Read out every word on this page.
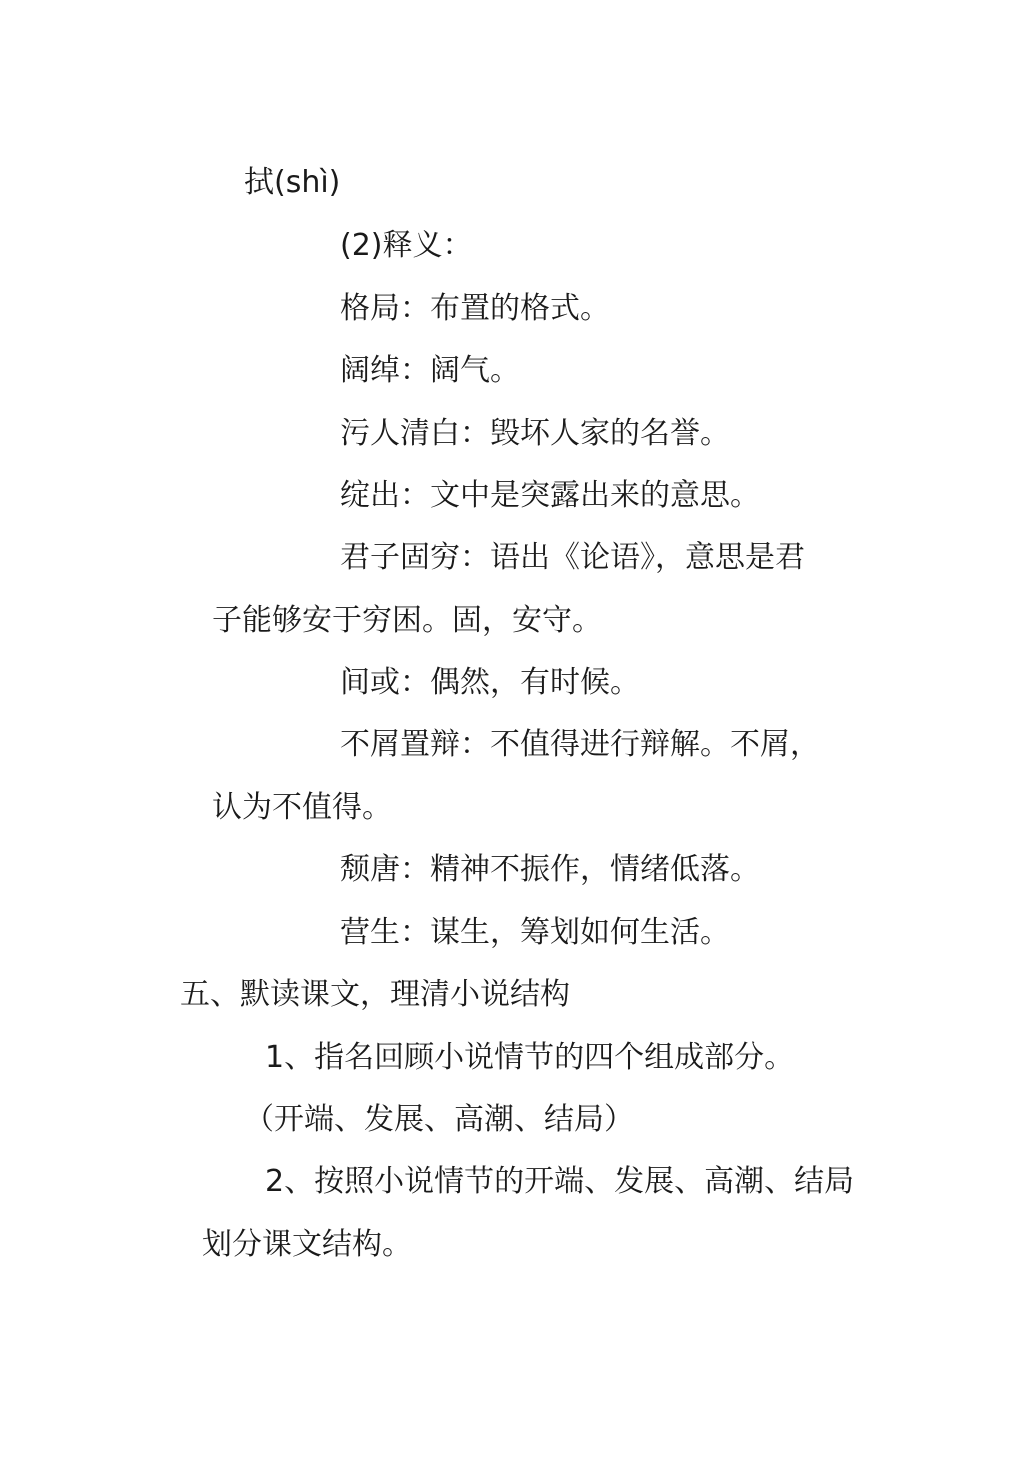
拭(shì)
(2)释义：
格局：布置的格式。
阔绰：阔气。
污人清白：毁坏人家的名誉。
绽出：文中是突露出来的意思。
君子固穷：语出《论语》，意思是君
子能够安于穷困。固，安守。
间或：偶然，有时候。
不屑置辩：不值得进行辩解。不屑，
认为不值得。
颓唐：精神不振作，情绪低落。
营生：谋生，筹划如何生活。
五、默读课文，理清小说结构
1、指名回顾小说情节的四个组成部分。
（开端、发展、高潮、结局）
2、按照小说情节的开端、发展、高潮、结局
划分课文结构。
